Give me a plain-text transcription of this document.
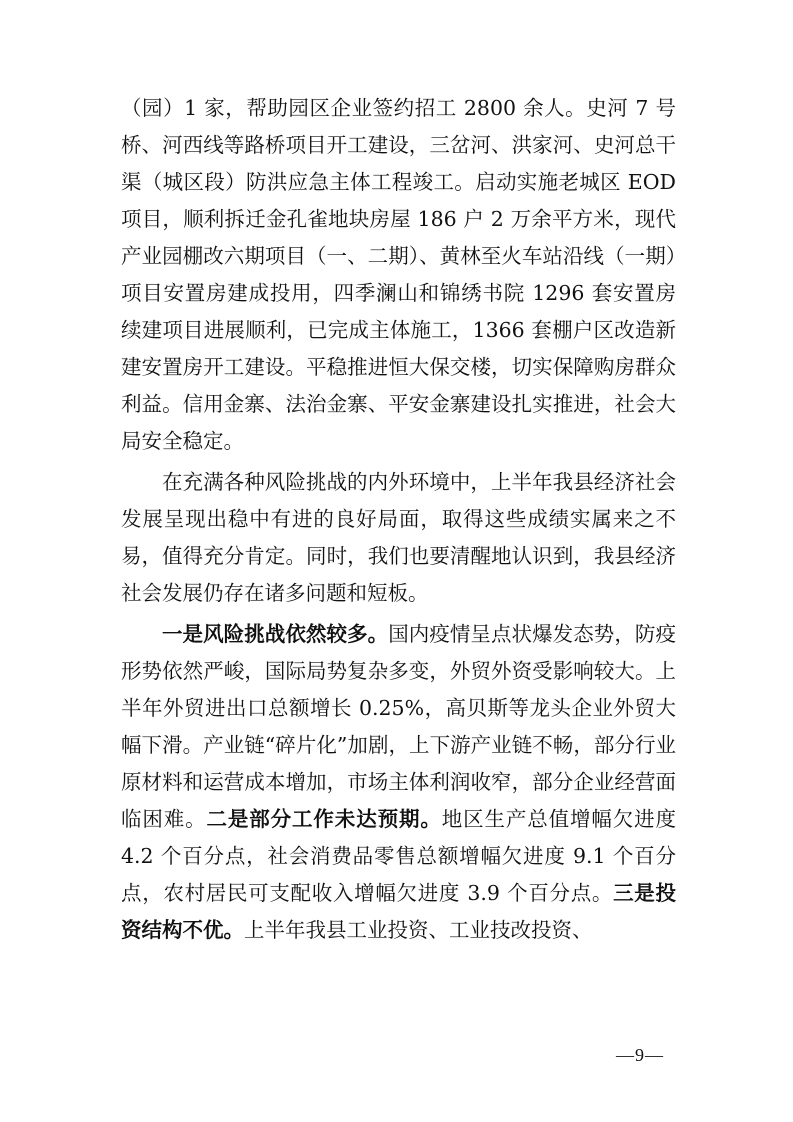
（园）1 家，帮助园区企业签约招工 2800 余人。史河 7 号桥、河西线等路桥项目开工建设，三岔河、洪家河、史河总干渠（城区段）防洪应急主体工程竣工。启动实施老城区 EOD 项目，顺利拆迁金孔雀地块房屋 186 户 2 万余平方米，现代产业园棚改六期项目（一、二期）、黄林至火车站沿线（一期）项目安置房建成投用，四季澜山和锦绣书院 1296 套安置房续建项目进展顺利，已完成主体施工，1366 套棚户区改造新建安置房开工建设。平稳推进恒大保交楼，切实保障购房群众利益。信用金寨、法治金寨、平安金寨建设扎实推进，社会大局安全稳定。

在充满各种风险挑战的内外环境中，上半年我县经济社会发展呈现出稳中有进的良好局面，取得这些成绩实属来之不易，值得充分肯定。同时，我们也要清醒地认识到，我县经济社会发展仍存在诸多问题和短板。

一是风险挑战依然较多。国内疫情呈点状爆发态势，防疫形势依然严峻，国际局势复杂多变，外贸外资受影响较大。上半年外贸进出口总额增长 0.25%，高贝斯等龙头企业外贸大幅下滑。产业链“碎片化”加剧，上下游产业链不畅，部分行业原材料和运营成本增加，市场主体利润收窄，部分企业经营面临困难。二是部分工作未达预期。地区生产总值增幅欠进度 4.2 个百分点，社会消费品零售总额增幅欠进度 9.1 个百分点，农村居民可支配收入增幅欠进度 3.9 个百分点。三是投资结构不优。上半年我县工业投资、工业技改投资、

—9—
